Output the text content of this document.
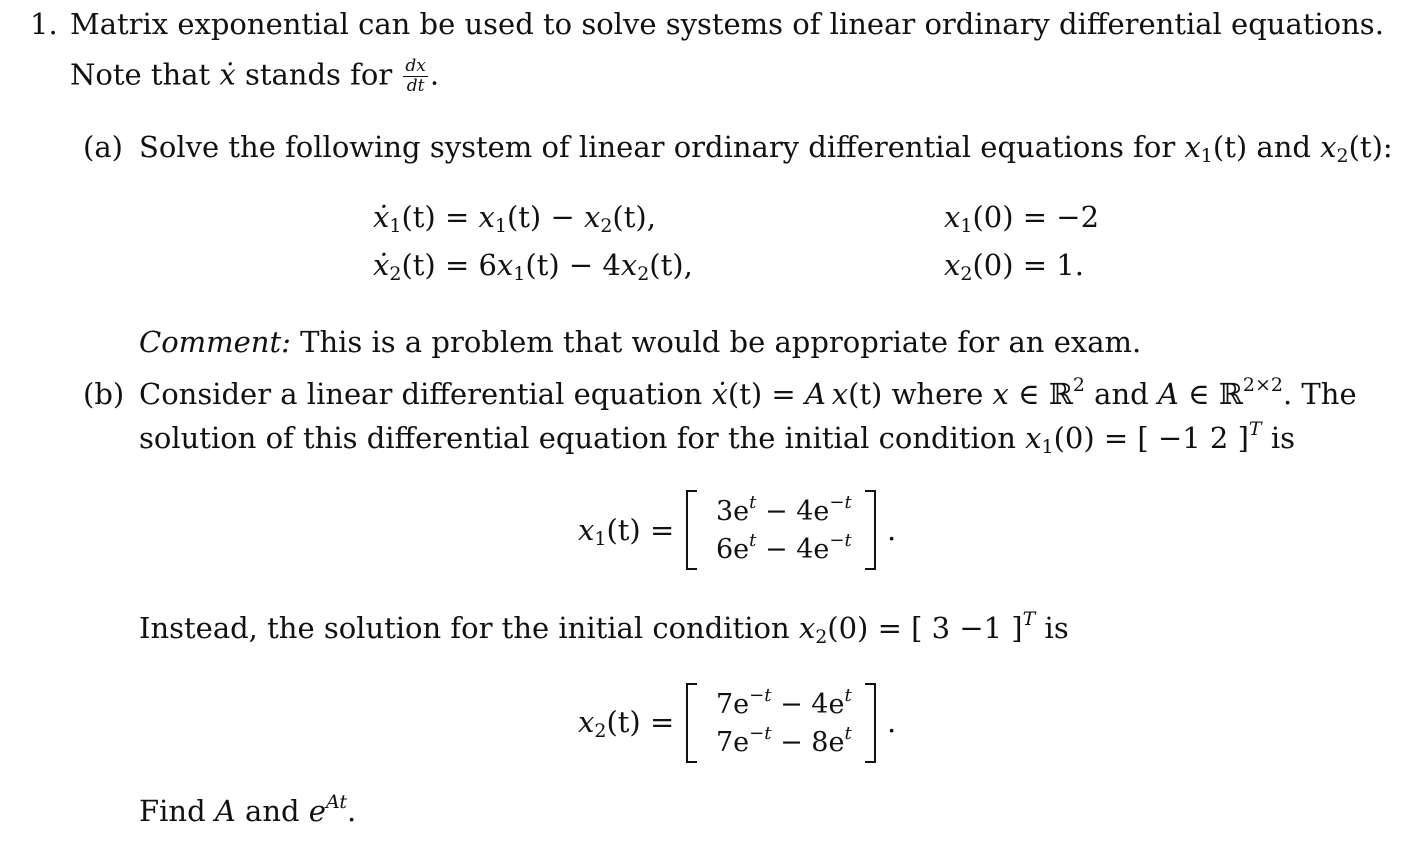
1. Matrix exponential can be used to solve systems of linear ordinary differential equations.
Note that ẋ stands for $\frac{dx}{dt}$ .
(a) Solve the following system of linear ordinary differential equations for $x_1(t)$ and $x_2(t)$:
ẋ$_1$(t) = $x_1(t) - x_2(t)$,
ẋ$_2$(t) = $6x_1(t) - 4x_2(t)$,
$x_1(0) = -2$
$x_2(0) = 1$.
Comment: This is a problem that would be appropriate for an exam.
(b) Consider a linear differential equation ẋ(t) = A  x(t) where x ∈ ℝ$^2$ and A ∈ ℝ$^{2\times 2}$. The
solution of this differential equation for the initial condition $x_1(0)$ = [ −1 2 ]$^T$ is
$x_1(t)$ =
$3e^t - 4e^{-t}$
$6e^t - 4e^{-t}$ .
Instead, the solution for the initial condition $x_2(0)$ = [ 3 −1 ]$^T$ is
$x_2(t)$ =
$7e^{-t} - 4e^t$
$7e^{-t} - 8e^t$ .
Find A and $e^{At}$.
